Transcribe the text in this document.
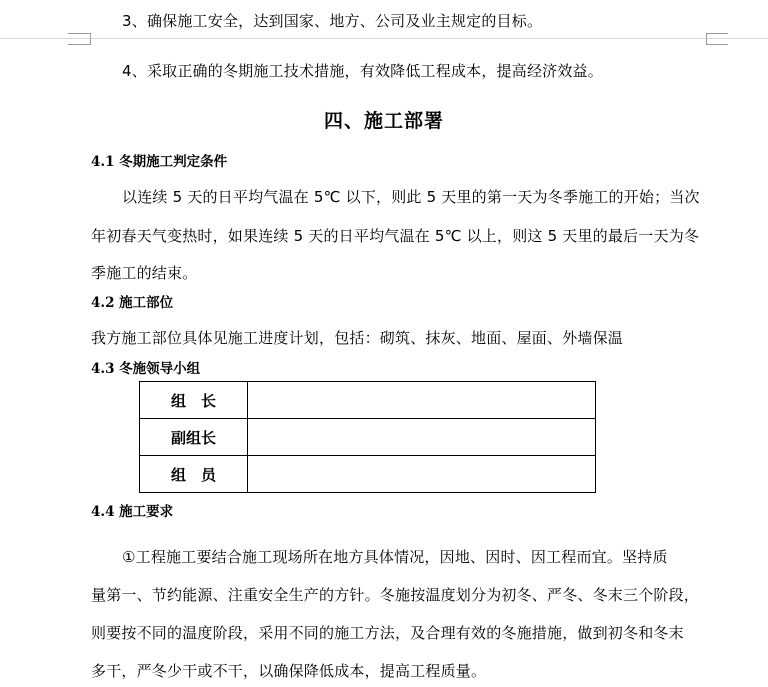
3、确保施工安全，达到国家、地方、公司及业主规定的目标。
4、采取正确的冬期施工技术措施，有效降低工程成本，提高经济效益。
四、施工部署
4.1 冬期施工判定条件
以连续 5 天的日平均气温在 5℃ 以下，则此 5 天里的第一天为冬季施工的开始；当次
年初春天气变热时，如果连续 5 天的日平均气温在 5℃ 以上，则这 5 天里的最后一天为冬
季施工的结束。
4.2 施工部位
我方施工部位具体见施工进度计划，包括：砌筑、抹灰、地面、屋面、外墙保温
4.3 冬施领导小组
组　长	
副组长	
组　员	
4.4 施工要求
①工程施工要结合施工现场所在地方具体情况，因地、因时、因工程而宜。坚持质
量第一、节约能源、注重安全生产的方针。冬施按温度划分为初冬、严冬、冬末三个阶段，
则要按不同的温度阶段，采用不同的施工方法，及合理有效的冬施措施，做到初冬和冬末
多干，严冬少干或不干，以确保降低成本，提高工程质量。
